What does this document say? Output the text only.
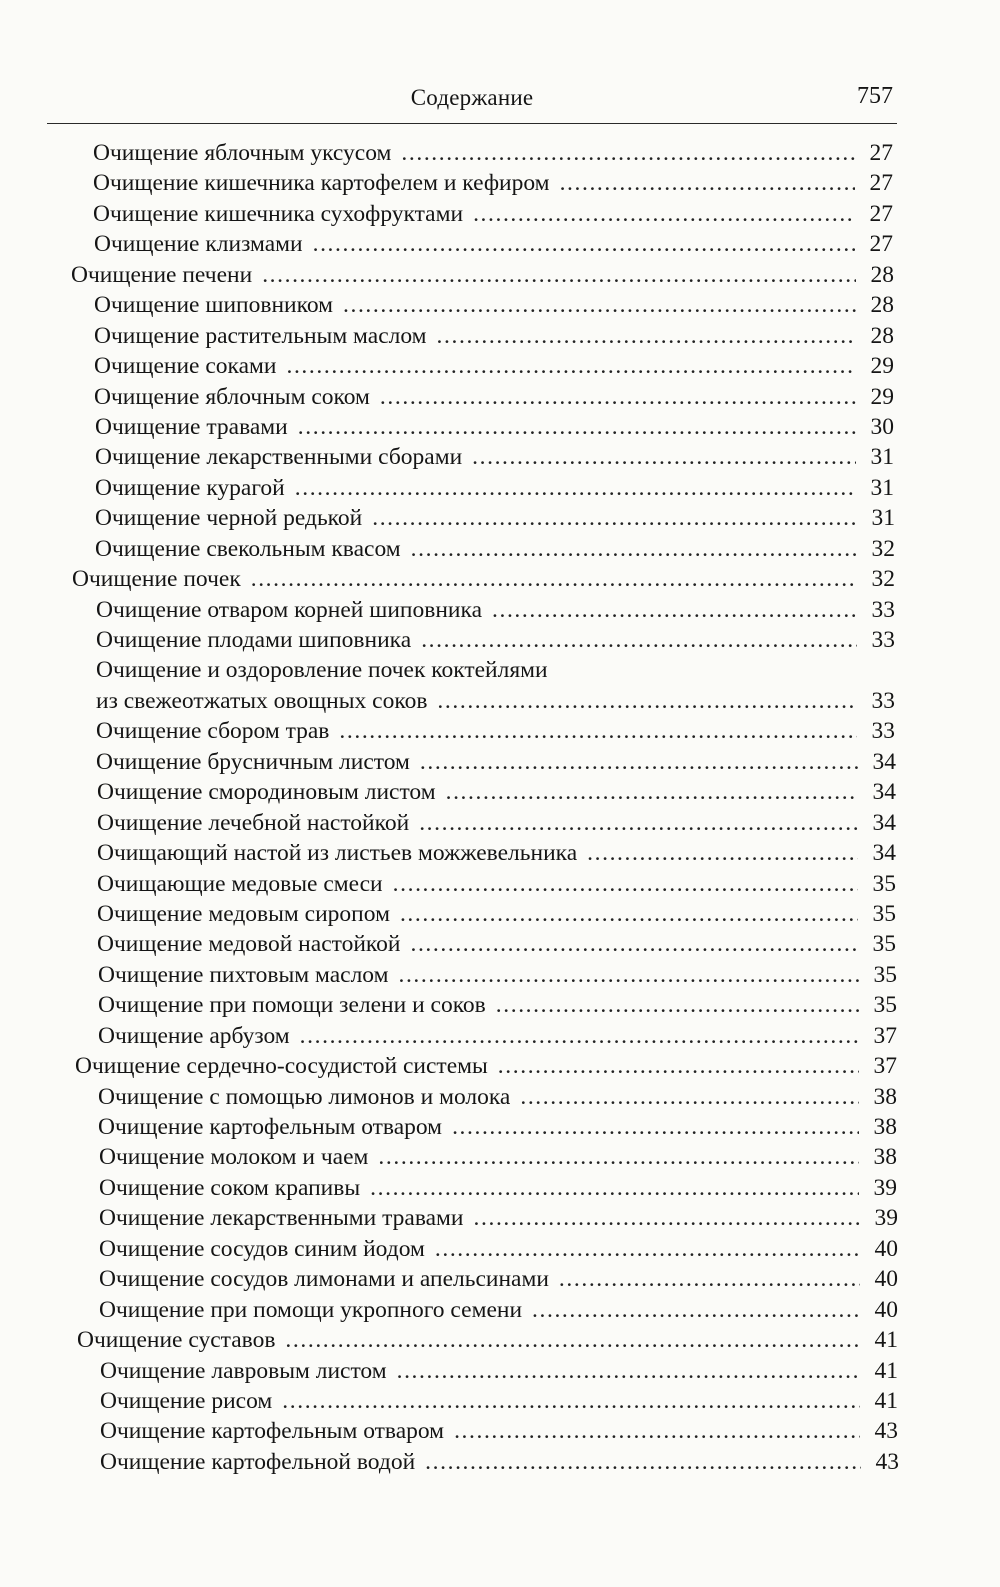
Содержание	757
Очищение яблочным уксусом .....	27
Очищение кишечника картофелем и кефиром .....	27
Очищение кишечника сухофруктами .....	27
Очищение клизмами .....	27
Очищение печени .....	28
Очищение шиповником .....	28
Очищение растительным маслом .....	28
Очищение соками .....	29
Очищение яблочным соком .....	29
Очищение травами .....	30
Очищение лекарственными сборами .....	31
Очищение курагой .....	31
Очищение черной редькой .....	31
Очищение свекольным квасом .....	32
Очищение почек .....	32
Очищение отваром корней шиповника .....	33
Очищение плодами шиповника .....	33
Очищение и оздоровление почек коктейлями
из свежеотжатых овощных соков .....	33
Очищение сбором трав .....	33
Очищение брусничным листом .....	34
Очищение смородиновым листом .....	34
Очищение лечебной настойкой .....	34
Очищающий настой из листьев можжевельника .....	34
Очищающие медовые смеси .....	35
Очищение медовым сиропом .....	35
Очищение медовой настойкой .....	35
Очищение пихтовым маслом .....	35
Очищение при помощи зелени и соков .....	35
Очищение арбузом .....	37
Очищение сердечно-сосудистой системы .....	37
Очищение с помощью лимонов и молока .....	38
Очищение картофельным отваром .....	38
Очищение молоком и чаем .....	38
Очищение соком крапивы .....	39
Очищение лекарственными травами .....	39
Очищение сосудов синим йодом .....	40
Очищение сосудов лимонами и апельсинами .....	40
Очищение при помощи укропного семени .....	40
Очищение суставов .....	41
Очищение лавровым листом .....	41
Очищение рисом .....	41
Очищение картофельным отваром .....	43
Очищение картофельной водой .....	43
